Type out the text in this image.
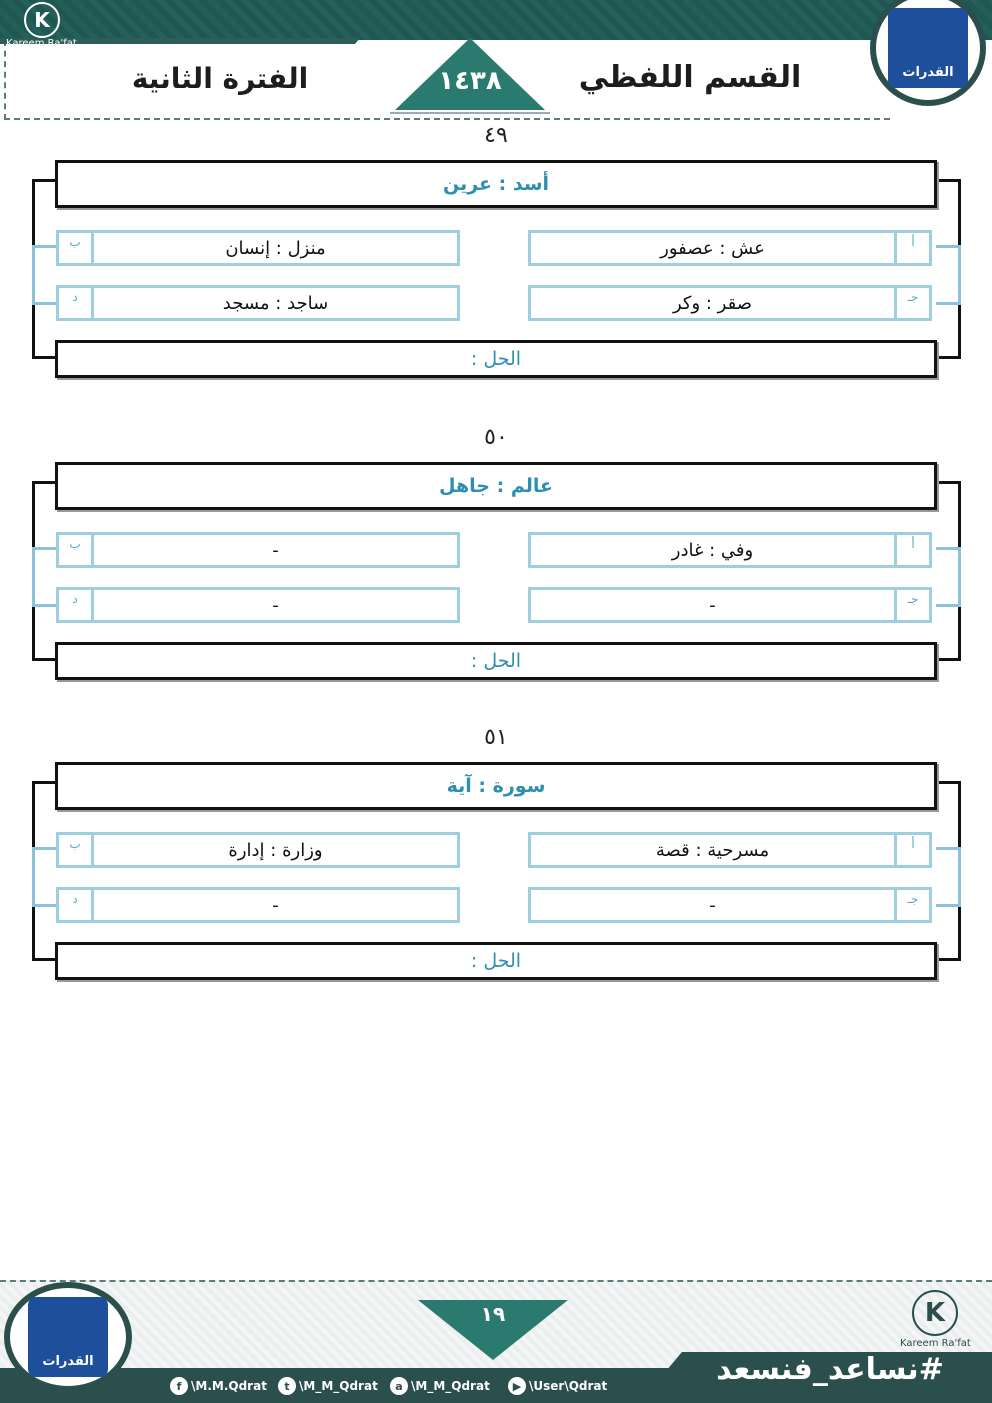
K
Kareem Ra'fat
القدرات
القسم اللفظي
الفترة الثانية	١٤٣٨
٤٩
أسد : عرين
عش : عصفور	أ
ب	منزل : إنسان
صقر : وكر	جـ
د	ساجد : مسجد
الحل :
٥٠
عالم : جاهل
وفي : غادر	أ
ب	-
-	جـ
د	-
الحل :
٥١
سورة : آية
مسرحية : قصة	أ
ب	وزارة : إدارة
-	جـ
د	-
الحل :
١٩
القدرات
K
Kareem Ra'fat
#نساعد_فنسعد
f \M.M.Qdrat	t \M_M_Qdrat	a \M_M_Qdrat	▶ \User\Qdrat
